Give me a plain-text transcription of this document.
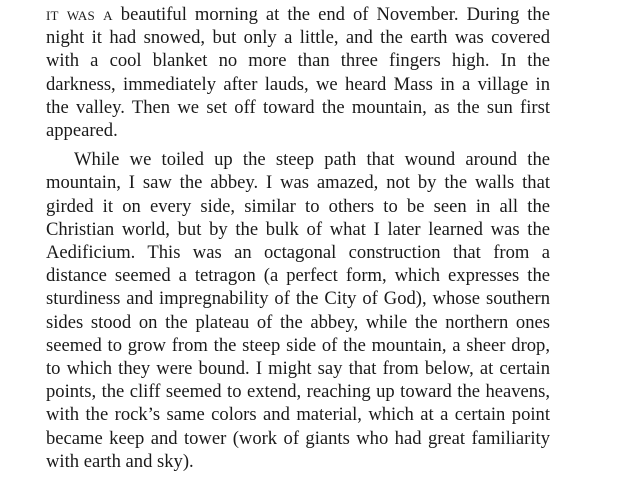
it was a beautiful morning at the end of November. During the night it had snowed, but only a little, and the earth was covered with a cool blanket no more than three fingers high. In the darkness, immediately after lauds, we heard Mass in a village in the valley. Then we set off toward the mountain, as the sun first appeared.

While we toiled up the steep path that wound around the mountain, I saw the abbey. I was amazed, not by the walls that girded it on every side, similar to others to be seen in all the Christian world, but by the bulk of what I later learned was the Aedificium. This was an octagonal construction that from a distance seemed a tetragon (a perfect form, which expresses the sturdiness and impregnability of the City of God), whose southern sides stood on the plateau of the abbey, while the northern ones seemed to grow from the steep side of the mountain, a sheer drop, to which they were bound. I might say that from below, at certain points, the cliff seemed to extend, reaching up toward the heavens, with the rock’s same colors and material, which at a certain point became keep and tower (work of giants who had great familiarity with earth and sky).
